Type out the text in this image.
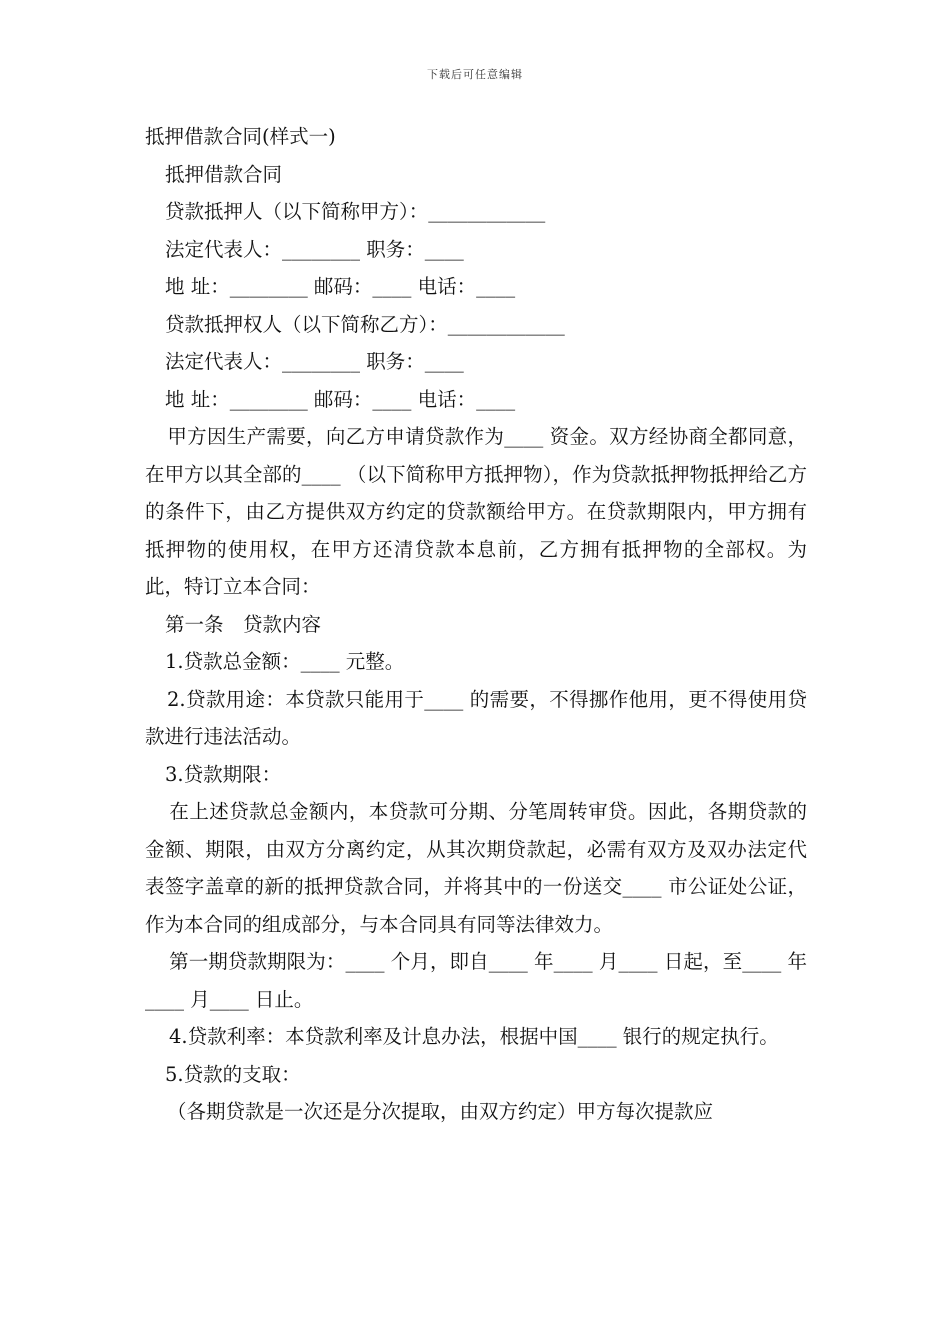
下载后可任意编辑
抵押借款合同(样式一)
抵押借款合同
贷款抵押人（以下简称甲方）：____________
法定代表人：________ 职务：____
地 址：________ 邮码：____ 电话：____
贷款抵押权人（以下简称乙方）：____________
法定代表人：________ 职务：____
地 址：________ 邮码：____ 电话：____
甲方因生产需要，向乙方申请贷款作为____ 资金。双方经协商全都同意，在甲方以其全部的____ （以下简称甲方抵押物），作为贷款抵押物抵押给乙方的条件下，由乙方提供双方约定的贷款额给甲方。在贷款期限内，甲方拥有抵押物的使用权，在甲方还清贷款本息前，乙方拥有抵押物的全部权。为此，特订立本合同：
第一条　贷款内容
1.贷款总金额：____ 元整。
2.贷款用途：本贷款只能用于____ 的需要，不得挪作他用，更不得使用贷款进行违法活动。
3.贷款期限：
在上述贷款总金额内，本贷款可分期、分笔周转审贷。因此，各期贷款的金额、期限，由双方分离约定，从其次期贷款起，必需有双方及双办法定代表签字盖章的新的抵押贷款合同，并将其中的一份送交____ 市公证处公证，作为本合同的组成部分，与本合同具有同等法律效力。
第一期贷款期限为：____ 个月，即自____ 年____ 月____ 日起，至____ 年____ 月____ 日止。
4.贷款利率：本贷款利率及计息办法，根据中国____ 银行的规定执行。
5.贷款的支取：
（各期贷款是一次还是分次提取，由双方约定）甲方每次提款应
